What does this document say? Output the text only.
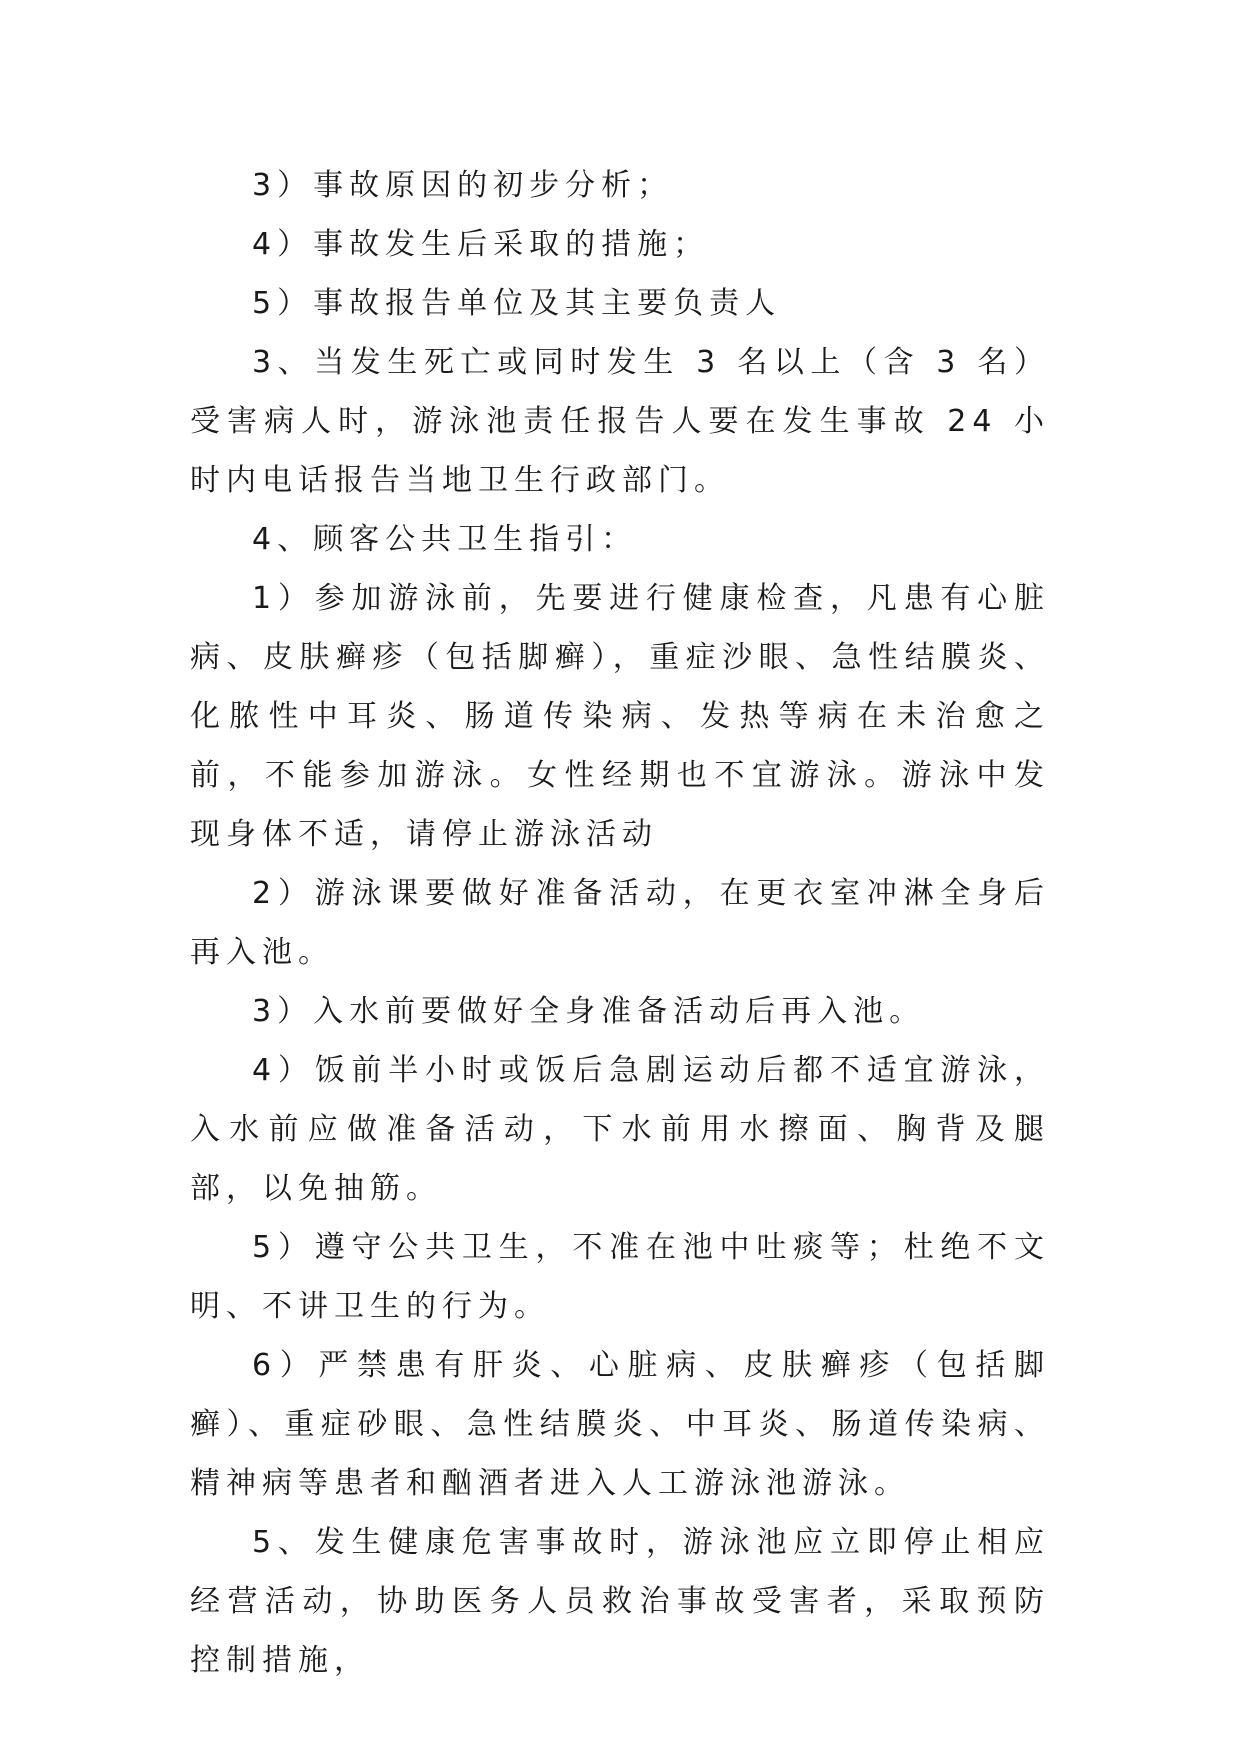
3）事故原因的初步分析；

4）事故发生后采取的措施；

5）事故报告单位及其主要负责人

3、当发生死亡或同时发生 3 名以上（含 3 名）受害病人时，游泳池责任报告人要在发生事故 24 小时内电话报告当地卫生行政部门。

4、顾客公共卫生指引：

1）参加游泳前，先要进行健康检查，凡患有心脏病、皮肤癣疹（包括脚癣），重症沙眼、急性结膜炎、化脓性中耳炎、肠道传染病、发热等病在未治愈之前，不能参加游泳。女性经期也不宜游泳。游泳中发现身体不适，请停止游泳活动

2）游泳课要做好准备活动，在更衣室冲淋全身后再入池。

3）入水前要做好全身准备活动后再入池。

4）饭前半小时或饭后急剧运动后都不适宜游泳，入水前应做准备活动，下水前用水擦面、胸背及腿部，以免抽筋。

5）遵守公共卫生，不准在池中吐痰等；杜绝不文明、不讲卫生的行为。

6）严禁患有肝炎、心脏病、皮肤癣疹（包括脚癣）、重症砂眼、急性结膜炎、中耳炎、肠道传染病、精神病等患者和酗酒者进入人工游泳池游泳。

5、发生健康危害事故时，游泳池应立即停止相应经营活动，协助医务人员救治事故受害者，采取预防控制措施，
